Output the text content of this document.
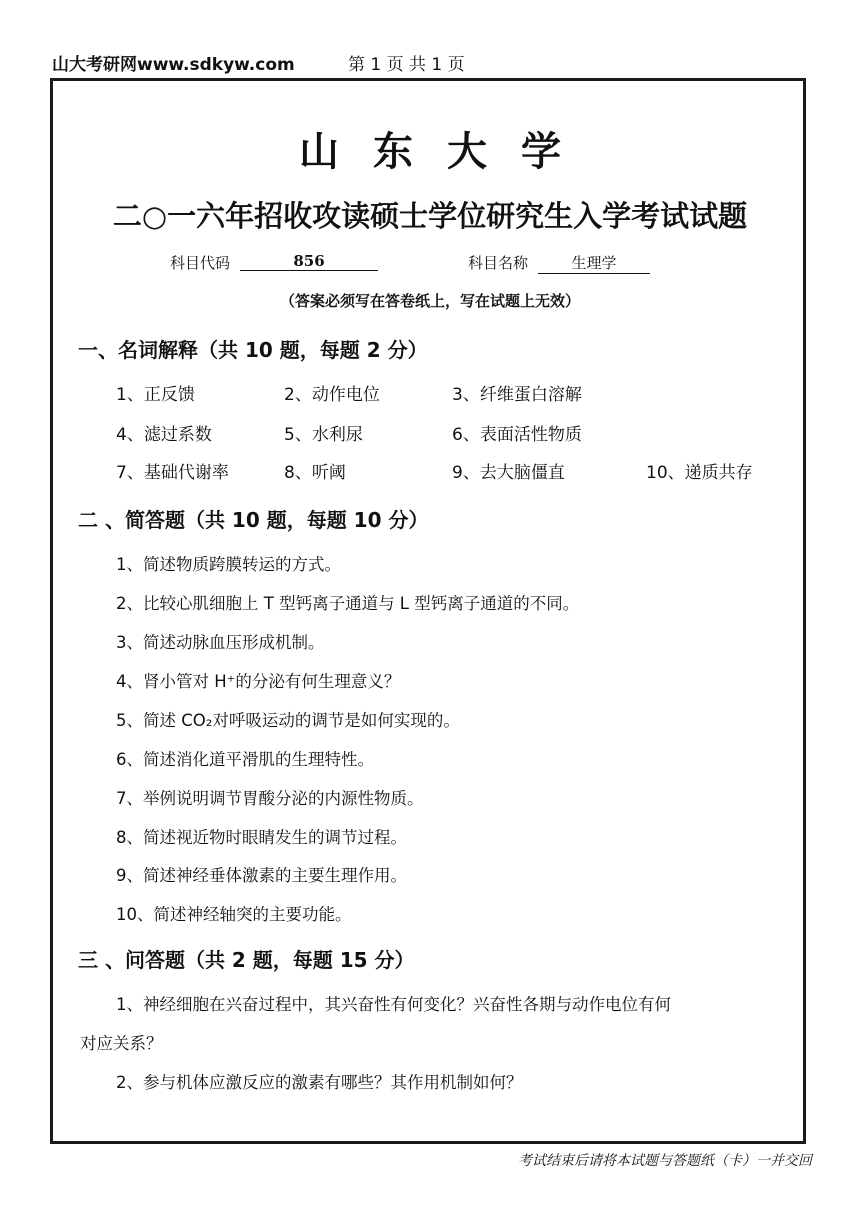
山大考研网www.sdkyw.com	第 1 页 共 1 页
山东大学
二○一六年招收攻读硕士学位研究生入学考试试题
科目代码	856	科目名称	生理学
（答案必须写在答卷纸上，写在试题上无效）
一、名词解释（共 10 题，每题 2 分）
1、正反馈	2、动作电位	3、纤维蛋白溶解
4、滤过系数	5、水利尿	6、表面活性物质
7、基础代谢率	8、听阈	9、去大脑僵直	10、递质共存
二 、简答题（共 10 题，每题 10 分）
1、简述物质跨膜转运的方式。
2、比较心肌细胞上 T 型钙离子通道与 L 型钙离子通道的不同。
3、简述动脉血压形成机制。
4、肾小管对 H⁺的分泌有何生理意义？
5、简述 CO₂对呼吸运动的调节是如何实现的。
6、简述消化道平滑肌的生理特性。
7、举例说明调节胃酸分泌的内源性物质。
8、简述视近物时眼睛发生的调节过程。
9、简述神经垂体激素的主要生理作用。
10、简述神经轴突的主要功能。
三 、问答题（共 2 题，每题 15 分）
1、神经细胞在兴奋过程中，其兴奋性有何变化？兴奋性各期与动作电位有何
对应关系？
2、参与机体应激反应的激素有哪些？其作用机制如何？
考试结束后请将本试题与答题纸（卡）一并交回
